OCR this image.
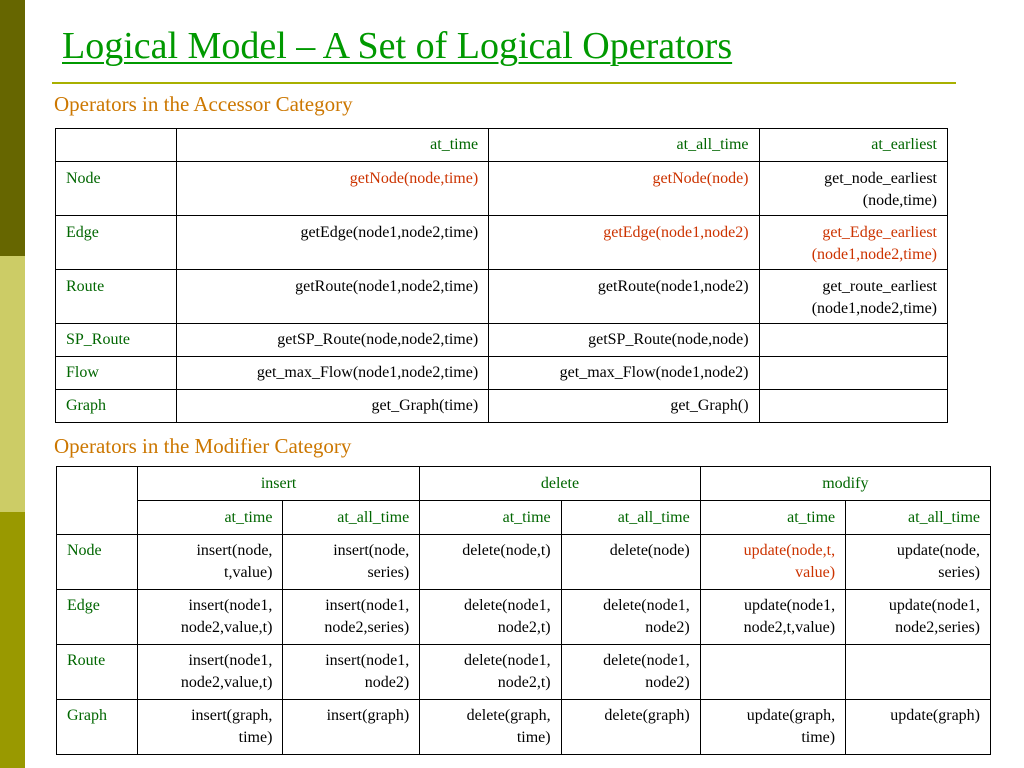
Logical Model – A Set of Logical Operators
Operators in the Accessor Category
	at_time	at_all_time	at_earliest
Node	getNode(node,time)	getNode(node)	get_node_earliest
(node,time)
Edge	getEdge(node1,node2,time)	getEdge(node1,node2)	get_Edge_earliest
(node1,node2,time)
Route	getRoute(node1,node2,time)	getRoute(node1,node2)	get_route_earliest
(node1,node2,time)
SP_Route	getSP_Route(node,node2,time)	getSP_Route(node,node)	
Flow	get_max_Flow(node1,node2,time)	get_max_Flow(node1,node2)	
Graph	get_Graph(time)	get_Graph()	
Operators in the Modifier Category
	insert		delete		modify	
	at_time	at_all_time	at_time	at_all_time	at_time	at_all_time
Node	insert(node,
t,value)	insert(node,
series)	delete(node,t)	delete(node)	update(node,t,
value)	update(node,
series)
Edge	insert(node1,
node2,value,t)	insert(node1,
node2,series)	delete(node1,
node2,t)	delete(node1,
node2)	update(node1,
node2,t,value)	update(node1,
node2,series)
Route	insert(node1,
node2,value,t)	insert(node1,
node2)	delete(node1,
node2,t)	delete(node1,
node2)		
Graph	insert(graph,
time)	insert(graph)	delete(graph,
time)	delete(graph)	update(graph,
time)	update(graph)
